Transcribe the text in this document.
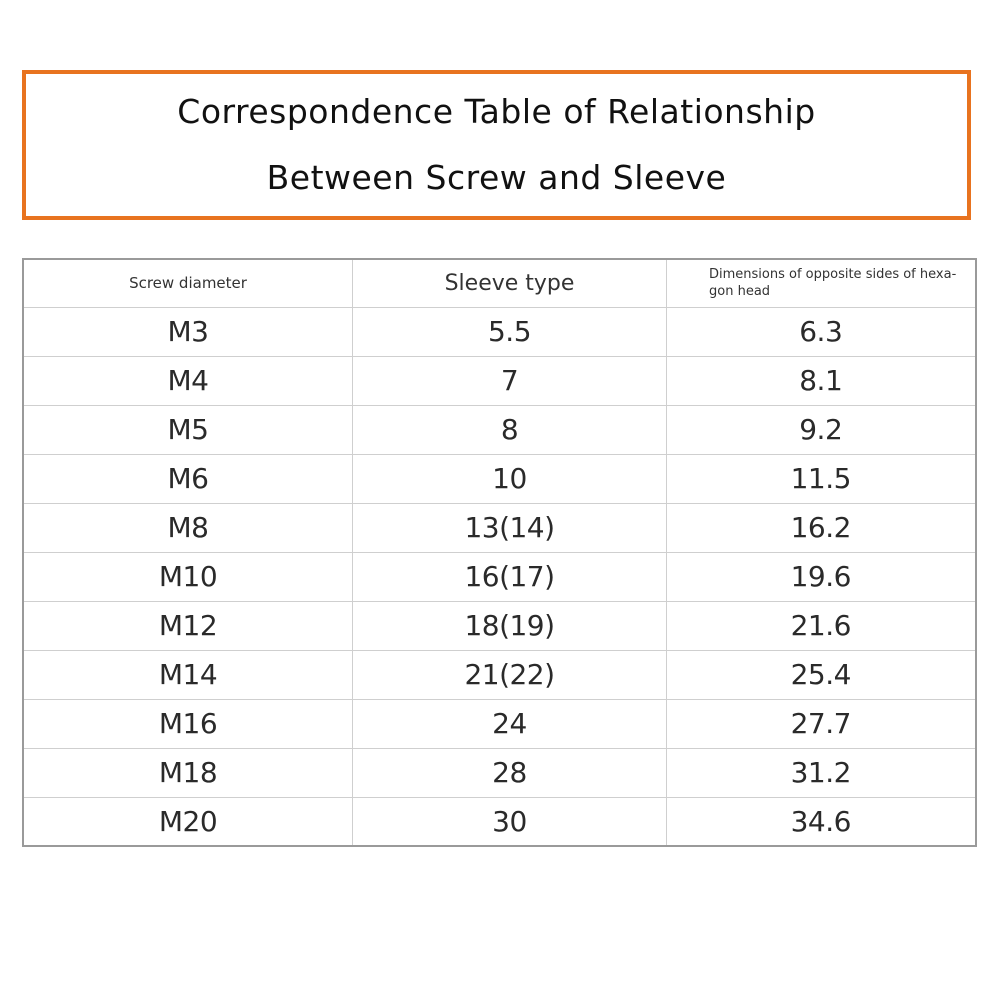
Correspondence Table of Relationship
Between Screw and Sleeve
Screw diameter	Sleeve type	Dimensions of opposite sides of hexa-gon head
M3	5.5	6.3
M4	7	8.1
M5	8	9.2
M6	10	11.5
M8	13(14)	16.2
M10	16(17)	19.6
M12	18(19)	21.6
M14	21(22)	25.4
M16	24	27.7
M18	28	31.2
M20	30	34.6
